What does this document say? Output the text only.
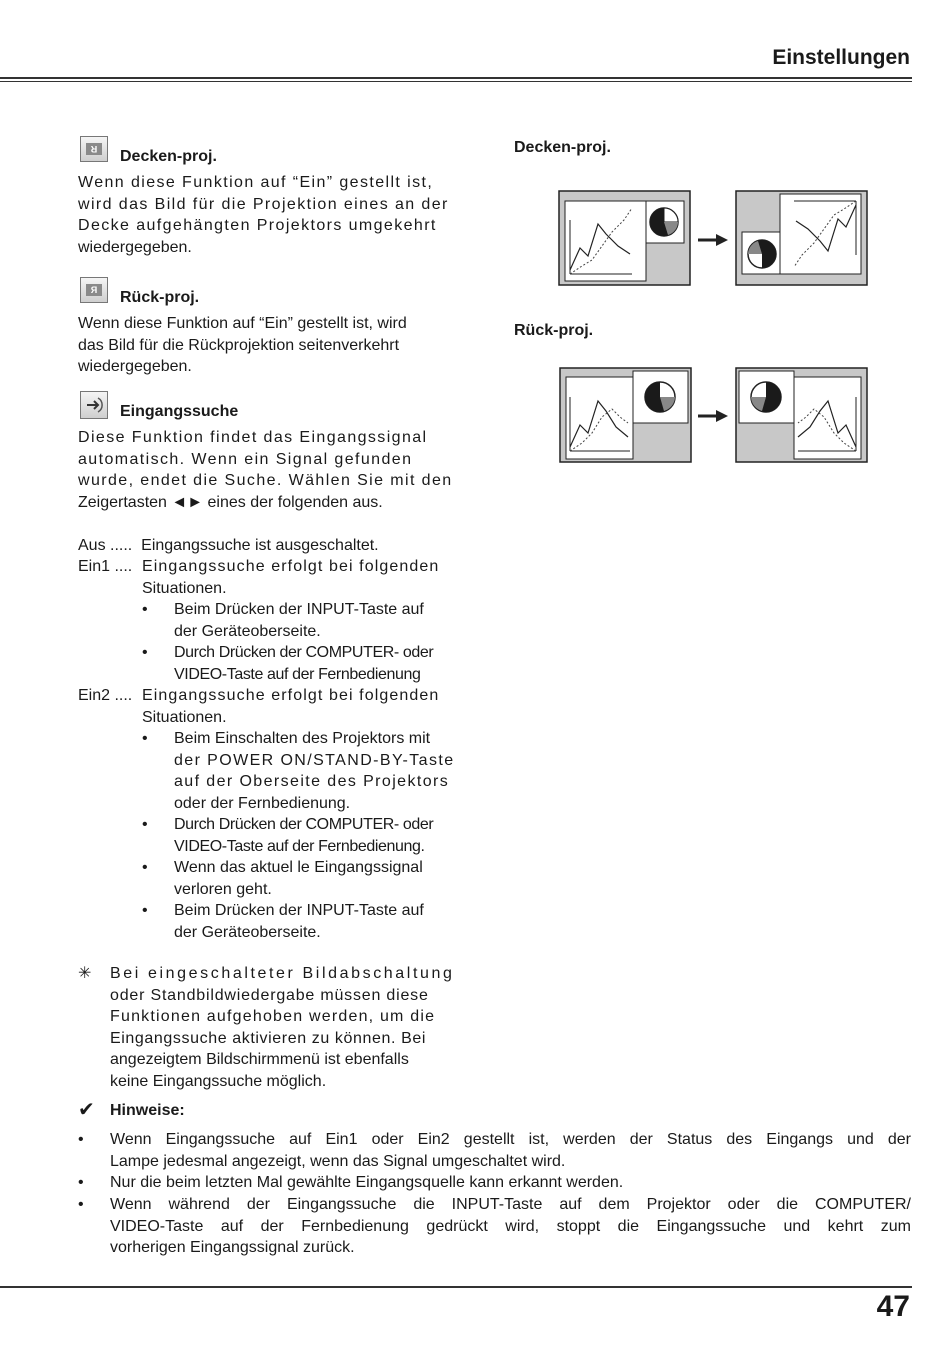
Einstellungen
R Decken-proj.
Wenn diese Funktion auf “Ein” gestellt ist,
wird das Bild für die Projektion eines an der
Decke aufgehängten Projektors umgekehrt
wiedergegeben.
R Rück-proj.
Wenn diese Funktion auf “Ein” gestellt ist, wird
das Bild für die Rückprojektion seitenverkehrt
wiedergegeben.
Eingangssuche
Diese Funktion findet das Eingangssignal
automatisch. Wenn ein Signal gefunden
wurde, endet die Suche. Wählen Sie mit den
Zeigertasten ◄► eines der folgenden aus.
Aus ..... Eingangssuche ist ausgeschaltet.
Ein1 .... Eingangssuche erfolgt bei folgenden
Situationen.
• Beim Drücken der INPUT-Taste auf
der Geräteoberseite.
• Durch Drücken der COMPUTER- oder
VIDEO-Taste auf der Fernbedienung
Ein2 .... Eingangssuche erfolgt bei folgenden
Situationen.
• Beim Einschalten des Projektors mit
der POWER ON/STAND-BY-Taste
auf der Oberseite des Projektors
oder der Fernbedienung.
• Durch Drücken der COMPUTER- oder
VIDEO-Taste auf der Fernbedienung.
• Wenn das aktuel le Eingangssignal
verloren geht.
• Beim Drücken der INPUT-Taste auf
der Geräteoberseite.
✳ Bei eingeschalteter Bildabschaltung
oder Standbildwiedergabe müssen diese
Funktionen aufgehoben werden, um die
Eingangssuche aktivieren zu können. Bei
angezeigtem Bildschirmmenü ist ebenfalls
keine Eingangssuche möglich.
✔ Hinweise:
• Wenn Eingangssuche auf Ein1 oder Ein2 gestellt ist, werden der Status des Eingangs und der
Lampe jedesmal angezeigt, wenn das Signal umgeschaltet wird.
• Nur die beim letzten Mal gewählte Eingangsquelle kann erkannt werden.
• Wenn während der Eingangssuche die INPUT-Taste auf dem Projektor oder die COMPUTER/
VIDEO-Taste auf der Fernbedienung gedrückt wird, stoppt die Eingangssuche und kehrt zum
vorherigen Eingangssignal zurück.
Decken-proj.
Rück-proj.
47
